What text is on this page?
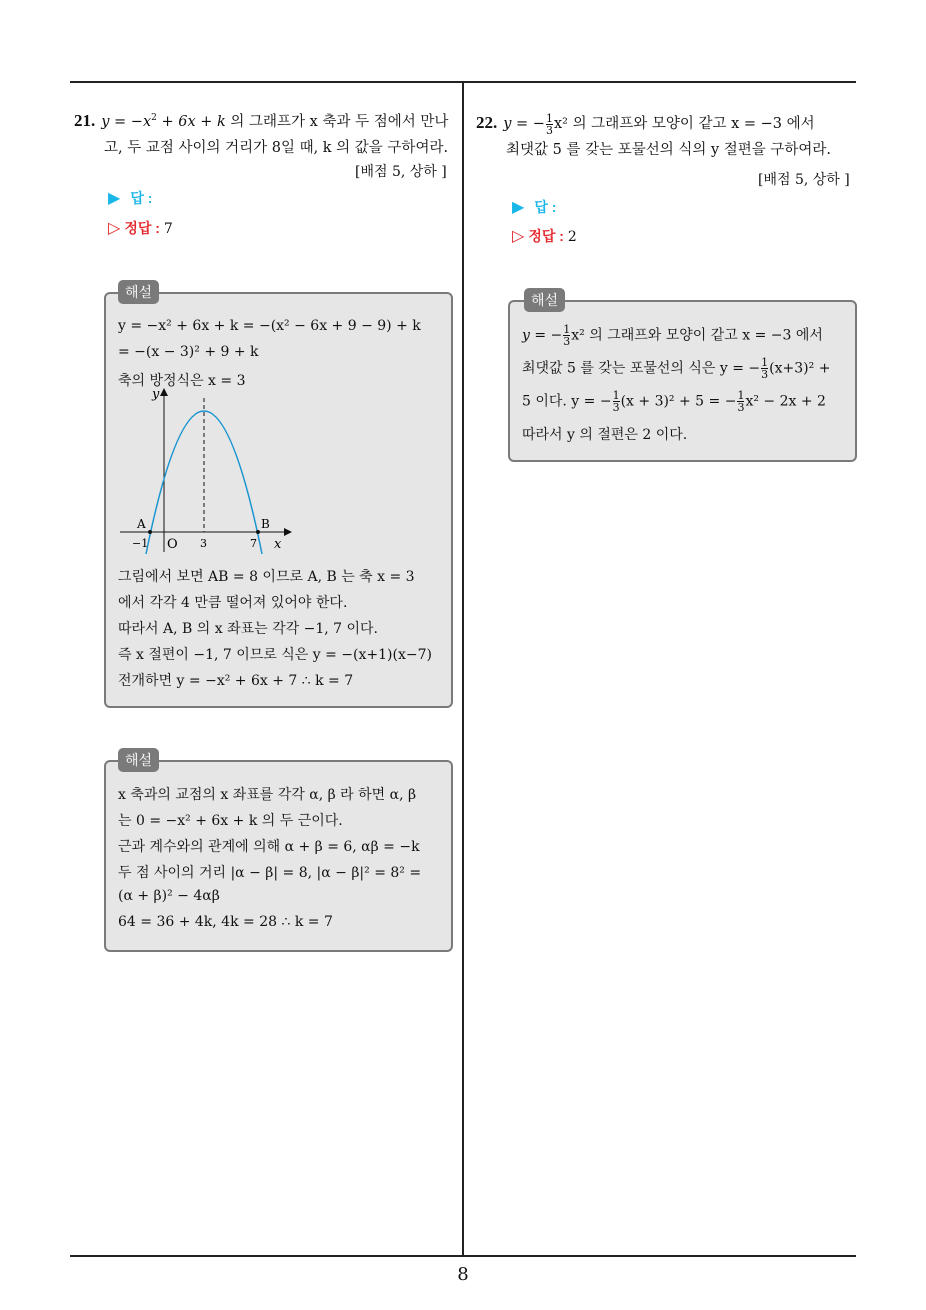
21. $y = -x^2 + 6x + k$ 의 그래프가 x 축과 두 점에서 만나
고, 두 교점 사이의 거리가 8일 때, k 의 값을 구하여라.
[배점 5, 상하 ]
▶ 답 :
▷ 정답 : 7
y = −x² + 6x + k = −(x² − 6x + 9 − 9) + k
= −(x − 3)² + 9 + k
축의 방정식은 x = 3
y
x
O
A	B
−1	3	7
그림에서 보면 AB = 8 이므로 A, B 는 축 x = 3
에서 각각 4 만큼 떨어져 있어야 한다.
따라서 A, B 의 x 좌표는 각각 −1, 7 이다.
즉 x 절편이 −1, 7 이므로 식은 y = −(x+1)(x−7)
전개하면 y = −x² + 6x + 7 ∴ k = 7
해설
x 축과의 교점의 x 좌표를 각각 α, β 라 하면 α, β
는 0 = −x² + 6x + k 의 두 근이다.
근과 계수와의 관계에 의해 α + β = 6, αβ = −k
두 점 사이의 거리 |α − β| = 8, |α − β|² = 8² =
(α + β)² − 4αβ
64 = 36 + 4k, 4k = 28 ∴ k = 7
해설
22. y = − $\frac{1}{3} x^2$ 의 그래프와 모양이 같고 x = −3 에서
최댓값 5 를 갖는 포물선의 식의 y 절편을 구하여라.
[배점 5, 상하 ]
▶ 답 :
▷ 정답 : 2
y = − $\frac{1}{3} x^2$ 의 그래프와 모양이 같고 x = −3 에서
최댓값 5 를 갖는 포물선의 식은 y = − $\frac{1}{3} (x+3)^2$ +
5 이다. y = − $\frac{1}{3} (x + 3)^2 + 5$ = − $\frac{1}{3} x^2 - 2x + 2$
따라서 y 의 절편은 2 이다.
해설
8
